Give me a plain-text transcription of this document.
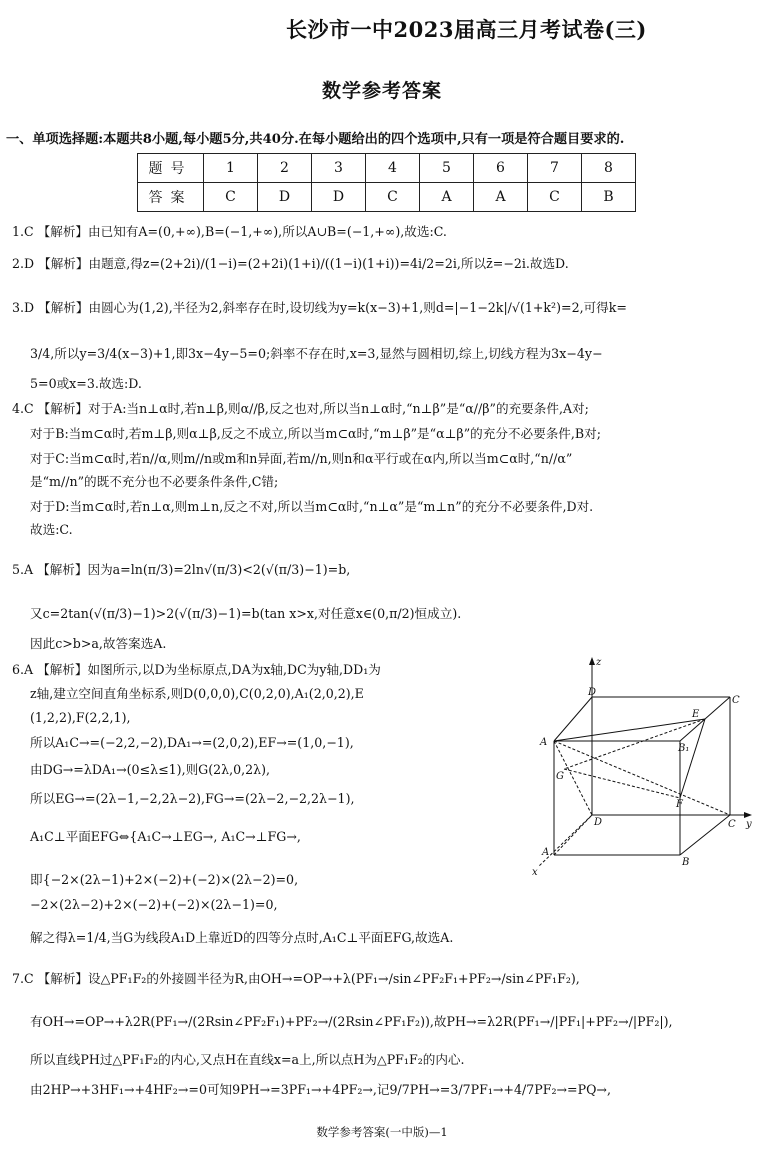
长沙市一中2023届高三月考试卷(三)
数学参考答案
一、单项选择题:本题共8小题,每小题5分,共40分.在每小题给出的四个选项中,只有一项是符合题目要求的.
题号	1	2	3	4	5	6	7	8
答案	C	D	D	C	A	A	C	B
1.C 【解析】由已知有A=(0,+∞),B=(−1,+∞),所以A∪B=(−1,+∞),故选:C.
2.D 【解析】由题意,得z=(2+2i)/(1−i)=(2+2i)(1+i)/((1−i)(1+i))=4i/2=2i,所以z̄=−2i.故选D.
3.D 【解析】由圆心为(1,2),半径为2,斜率存在时,设切线为y=k(x−3)+1,则d=|−1−2k|/√(1+k²)=2,可得k=
3/4,所以y=3/4(x−3)+1,即3x−4y−5=0;斜率不存在时,x=3,显然与圆相切,综上,切线方程为3x−4y−
5=0或x=3.故选:D.
4.C 【解析】对于A:当n⊥α时,若n⊥β,则α//β,反之也对,所以当n⊥α时,“n⊥β”是“α//β”的充要条件,A对;
对于B:当m⊂α时,若m⊥β,则α⊥β,反之不成立,所以当m⊂α时,“m⊥β”是“α⊥β”的充分不必要条件,B对;
对于C:当m⊂α时,若n//α,则m//n或m和n异面,若m//n,则n和α平行或在α内,所以当m⊂α时,“n//α”
是“m//n”的既不充分也不必要条件条件,C错;
对于D:当m⊂α时,若n⊥α,则m⊥n,反之不对,所以当m⊂α时,“n⊥α”是“m⊥n”的充分不必要条件,D对.
故选:C.
5.A 【解析】因为a=ln(π/3)=2ln√(π/3)<2(√(π/3)−1)=b,
又c=2tan(√(π/3)−1)>2(√(π/3)−1)=b(tan x>x,对任意x∈(0,π/2)恒成立).
因此c>b>a,故答案选A.
6.A 【解析】如图所示,以D为坐标原点,DA为x轴,DC为y轴,DD₁为
z轴,建立空间直角坐标系,则D(0,0,0),C(0,2,0),A₁(2,0,2),E
(1,2,2),F(2,2,1),
所以A₁C→=(−2,2,−2),DA₁→=(2,0,2),EF→=(1,0,−1),
由DG→=λDA₁→(0≤λ≤1),则G(2λ,0,2λ),
所以EG→=(2λ−1,−2,2λ−2),FG→=(2λ−2,−2,2λ−1),
A₁C⊥平面EFG⇔{A₁C→⊥EG→, A₁C→⊥FG→,
即{−2×(2λ−1)+2×(−2)+(−2)×(2λ−2)=0,
−2×(2λ−2)+2×(−2)+(−2)×(2λ−1)=0,
解之得λ=1/4,当G为线段A₁D上靠近D的四等分点时,A₁C⊥平面EFG,故选A.
7.C 【解析】设△PF₁F₂的外接圆半径为R,由OH→=OP→+λ(PF₁→/sin∠PF₂F₁+PF₂→/sin∠PF₁F₂),
有OH→=OP→+λ2R(PF₁→/(2Rsin∠PF₂F₁)+PF₂→/(2Rsin∠PF₁F₂)),故PH→=λ2R(PF₁→/|PF₁|+PF₂→/|PF₂|),
所以直线PH过△PF₁F₂的内心,又点H在直线x=a上,所以点H为△PF₁F₂的内心.
由2HP→+3HF₁→+4HF₂→=0可知9PH→=3PF₁→+4PF₂→,记9/7PH→=3/7PF₁→+4/7PF₂→=PQ→,
z
y
x
D
C
A
B₁
E
F
G
D	C
A
B
数学参考答案(一中版)—1
